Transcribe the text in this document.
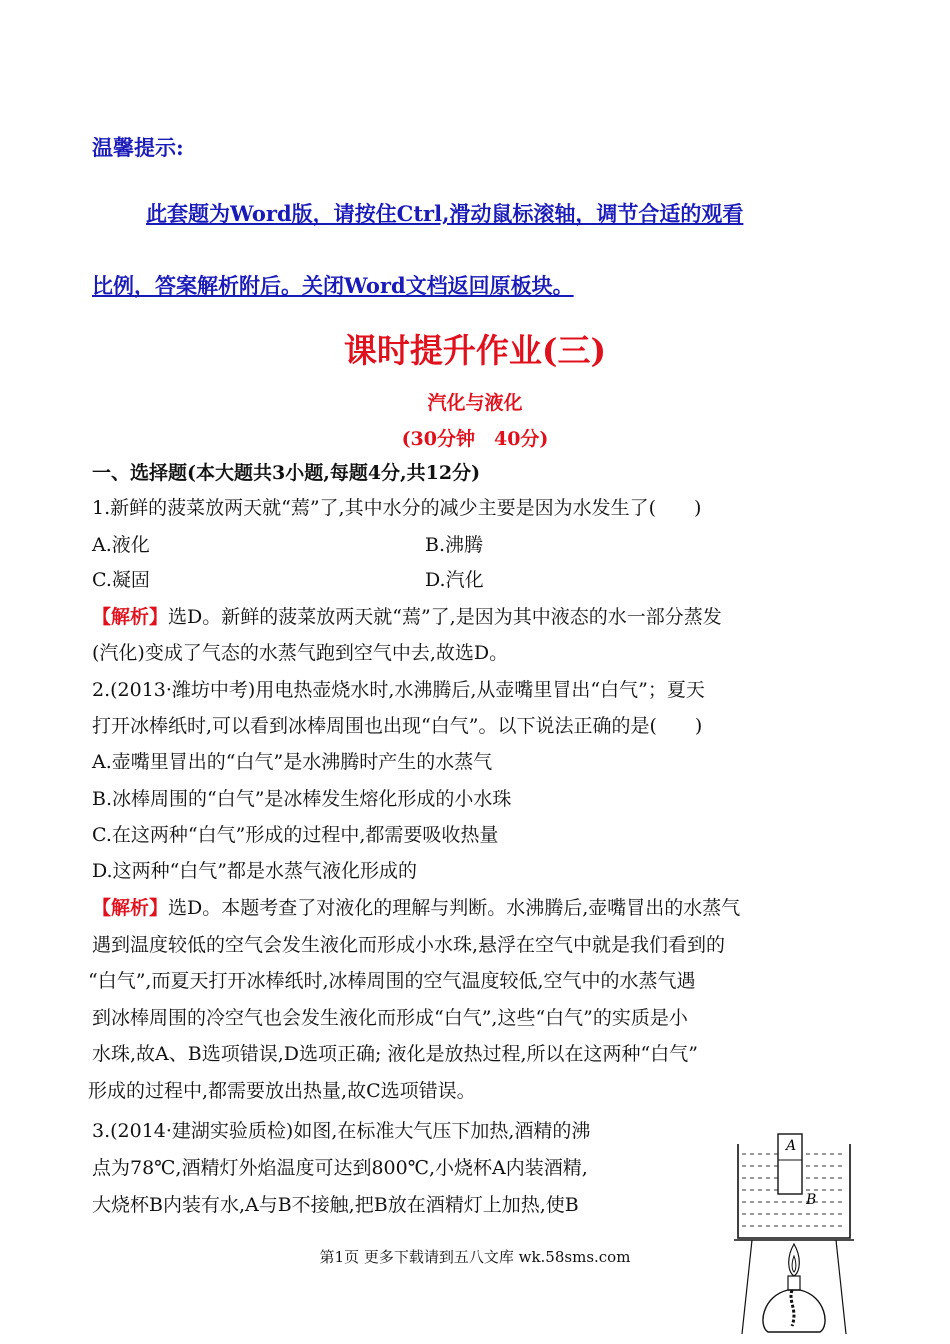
温馨提示:
此套题为Word版，请按住Ctrl,滑动鼠标滚轴，调节合适的观看
比例，答案解析附后。关闭Word文档返回原板块。
课时提升作业(三)
汽化与液化
(30分钟　40分)
一、选择题(本大题共3小题,每题4分,共12分)
1.新鲜的菠菜放两天就“蔫”了,其中水分的减少主要是因为水发生了(　　)
A.液化	B.沸腾
C.凝固	D.汽化
【解析】选D。新鲜的菠菜放两天就“蔫”了,是因为其中液态的水一部分蒸发
(汽化)变成了气态的水蒸气跑到空气中去,故选D。
2.(2013·潍坊中考)用电热壶烧水时,水沸腾后,从壶嘴里冒出“白气”；夏天
打开冰棒纸时,可以看到冰棒周围也出现“白气”。以下说法正确的是(　　)
A.壶嘴里冒出的“白气”是水沸腾时产生的水蒸气
B.冰棒周围的“白气”是冰棒发生熔化形成的小水珠
C.在这两种“白气”形成的过程中,都需要吸收热量
D.这两种“白气”都是水蒸气液化形成的
【解析】选D。本题考查了对液化的理解与判断。水沸腾后,壶嘴冒出的水蒸气
遇到温度较低的空气会发生液化而形成小水珠,悬浮在空气中就是我们看到的
“白气”,而夏天打开冰棒纸时,冰棒周围的空气温度较低,空气中的水蒸气遇
到冰棒周围的冷空气也会发生液化而形成“白气”,这些“白气”的实质是小
水珠,故A、B选项错误,D选项正确; 液化是放热过程,所以在这两种“白气”
形成的过程中,都需要放出热量,故C选项错误。
3.(2014·建湖实验质检)如图,在标准大气压下加热,酒精的沸
点为78℃,酒精灯外焰温度可达到800℃,小烧杯A内装酒精,
大烧杯B内装有水,A与B不接触,把B放在酒精灯上加热,使B
A
B
第1页 更多下载请到五八文库 wk.58sms.com
